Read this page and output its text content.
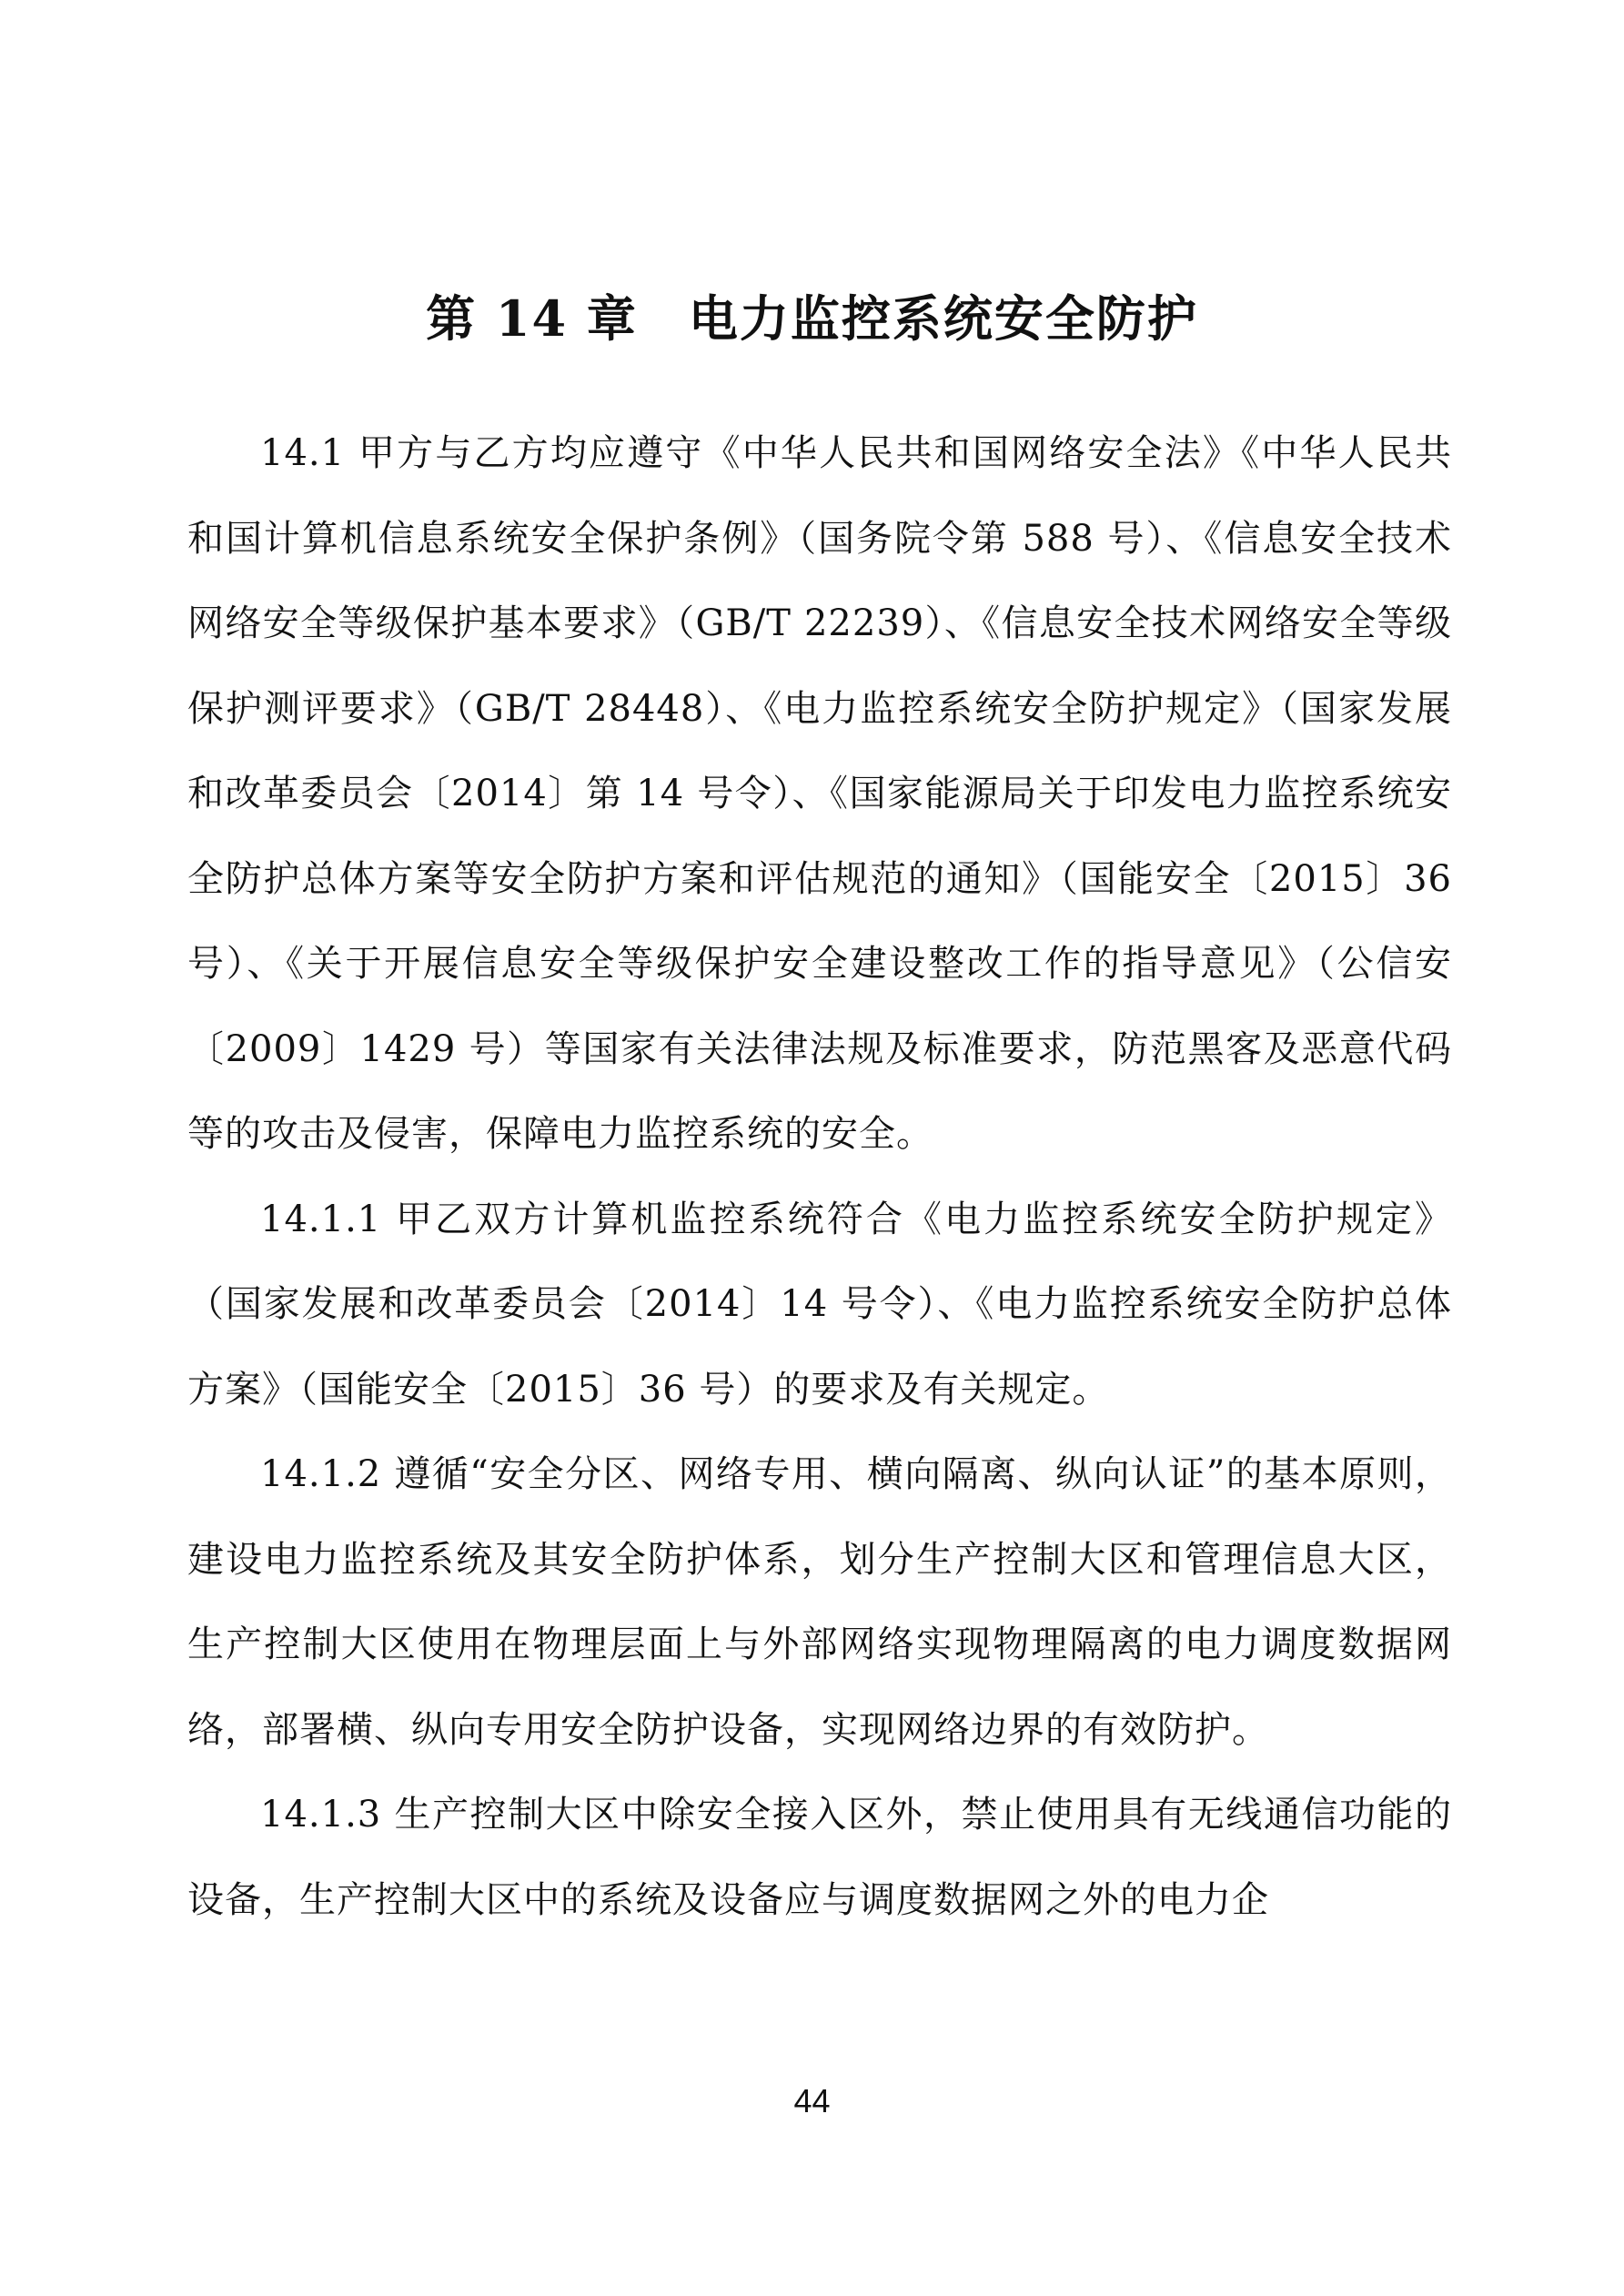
第 14 章　电力监控系统安全防护

14.1 甲方与乙方均应遵守《中华人民共和国网络安全法》《中华人民共和国计算机信息系统安全保护条例》（国务院令第 588 号）、《信息安全技术网络安全等级保护基本要求》（GB/T 22239）、《信息安全技术网络安全等级保护测评要求》（GB/T 28448）、《电力监控系统安全防护规定》（国家发展和改革委员会〔2014〕第 14 号令）、《国家能源局关于印发电力监控系统安全防护总体方案等安全防护方案和评估规范的通知》（国能安全〔2015〕36 号）、《关于开展信息安全等级保护安全建设整改工作的指导意见》（公信安〔2009〕1429 号）等国家有关法律法规及标准要求，防范黑客及恶意代码等的攻击及侵害，保障电力监控系统的安全。

14.1.1 甲乙双方计算机监控系统符合《电力监控系统安全防护规定》（国家发展和改革委员会〔2014〕14 号令）、《电力监控系统安全防护总体方案》（国能安全〔2015〕36 号）的要求及有关规定。

14.1.2 遵循“安全分区、网络专用、横向隔离、纵向认证”的基本原则，建设电力监控系统及其安全防护体系，划分生产控制大区和管理信息大区，生产控制大区使用在物理层面上与外部网络实现物理隔离的电力调度数据网络，部署横、纵向专用安全防护设备，实现网络边界的有效防护。

14.1.3 生产控制大区中除安全接入区外，禁止使用具有无线通信功能的设备，生产控制大区中的系统及设备应与调度数据网之外的电力企

44
